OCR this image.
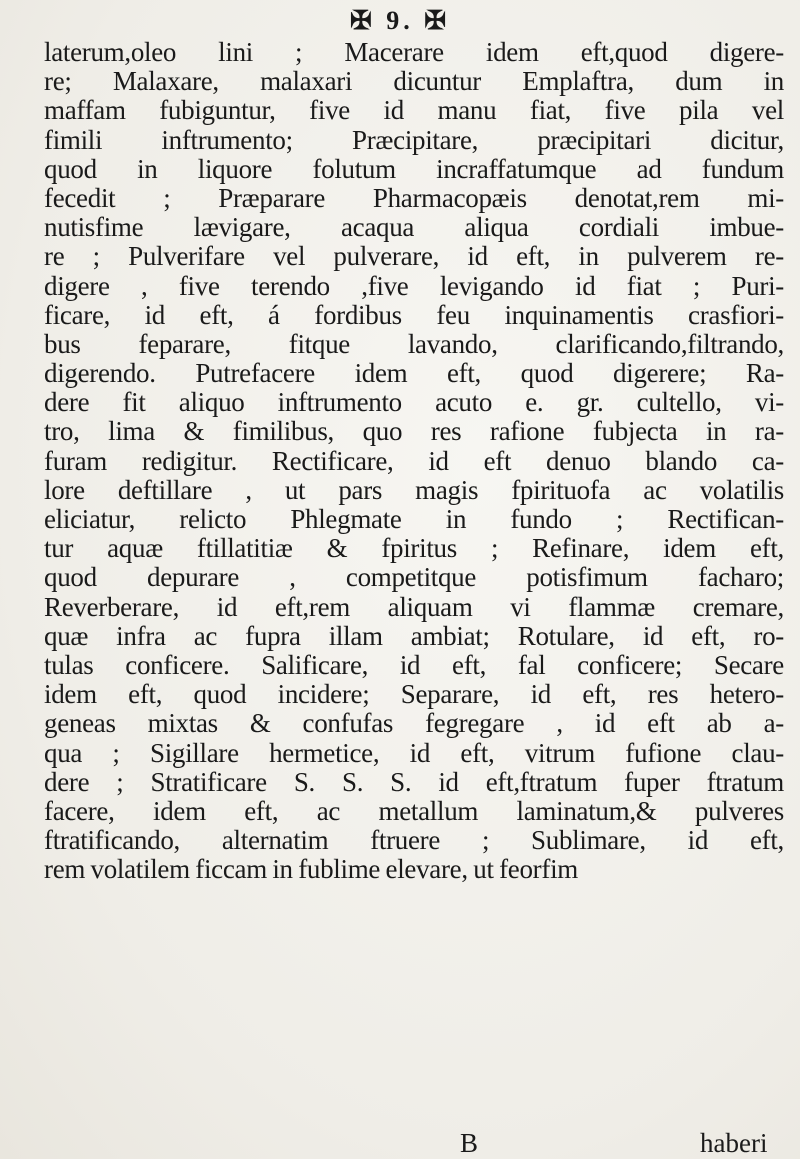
✠ 9. ✠
laterum,oleo lini ; Macerare idem eft,quod digere-
re; Malaxare, malaxari dicuntur Emplaftra, dum in
maffam fubiguntur, five id manu fiat, five pila vel
fimili inftrumento; Præcipitare, præcipitari dicitur,
quod in liquore folutum incraffatumque ad fundum
fecedit ; Præparare Pharmacopæis denotat,rem mi-
nutisfime lævigare, acaqua aliqua cordiali imbue-
re ; Pulverifare vel pulverare, id eft, in pulverem re-
digere , five terendo ,five levigando id fiat ; Puri-
ficare, id eft, á fordibus feu inquinamentis crasfiori-
bus feparare, fitque lavando, clarificando,filtrando,
digerendo. Putrefacere idem eft, quod digerere; Ra-
dere fit aliquo inftrumento acuto e. gr. cultello, vi-
tro, lima & fimilibus, quo res rafione fubjecta in ra-
furam redigitur. Rectificare, id eft denuo blando ca-
lore deftillare , ut pars magis fpirituofa ac volatilis
eliciatur, relicto Phlegmate in fundo ; Rectifican-
tur aquæ ftillatitiæ & fpiritus ; Refinare, idem eft,
quod depurare , competitque potisfimum facharo;
Reverberare, id eft,rem aliquam vi flammæ cremare,
quæ infra ac fupra illam ambiat; Rotulare, id eft, ro-
tulas conficere. Salificare, id eft, fal conficere; Secare
idem eft, quod incidere; Separare, id eft, res hetero-
geneas mixtas & confufas fegregare , id eft ab a-
qua ; Sigillare hermetice, id eft, vitrum fufione clau-
dere ; Stratificare S. S. S. id eft,ftratum fuper ftratum
facere, idem eft, ac metallum laminatum,& pulveres
ftratificando, alternatim ftruere ; Sublimare, id eft,
rem volatilem ficcam in fublime elevare, ut feorfim
B	haberi
